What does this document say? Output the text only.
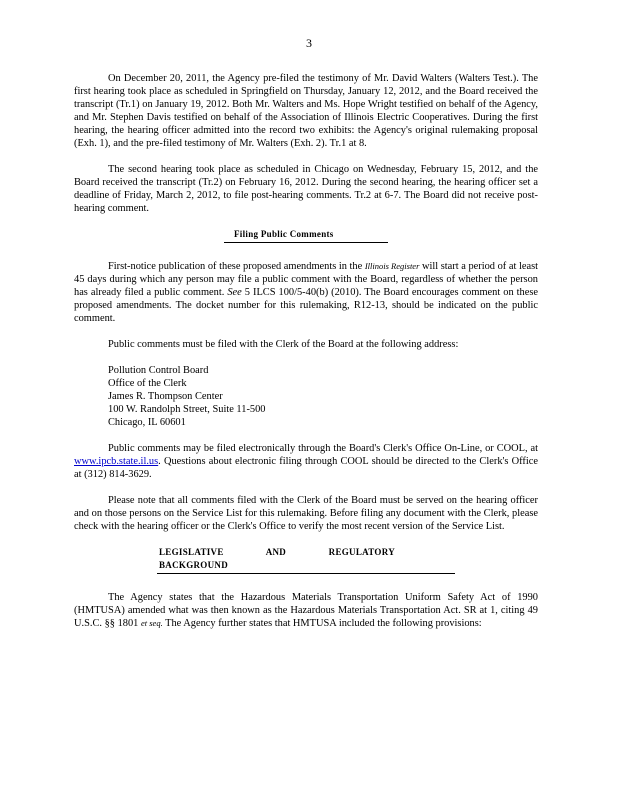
3

On December 20, 2011, the Agency pre-filed the testimony of Mr. David Walters (Walters Test.). The first hearing took place as scheduled in Springfield on Thursday, January 12, 2012, and the Board received the transcript (Tr.1) on January 19, 2012. Both Mr. Walters and Ms. Hope Wright testified on behalf of the Agency, and Mr. Stephen Davis testified on behalf of the Association of Illinois Electric Cooperatives. During the first hearing, the hearing officer admitted into the record two exhibits: the Agency's original rulemaking proposal (Exh. 1), and the pre-filed testimony of Mr. Walters (Exh. 2). Tr.1 at 8.

The second hearing took place as scheduled in Chicago on Wednesday, February 15, 2012, and the Board received the transcript (Tr.2) on February 16, 2012. During the second hearing, the hearing officer set a deadline of Friday, March 2, 2012, to file post-hearing comments. Tr.2 at 6-7. The Board did not receive post-hearing comment.

Filing Public Comments

First-notice publication of these proposed amendments in the Illinois Register will start a period of at least 45 days during which any person may file a public comment with the Board, regardless of whether the person has already filed a public comment. See 5 ILCS 100/5-40(b) (2010). The Board encourages comment on these proposed amendments. The docket number for this rulemaking, R12-13, should be indicated on the public comment.

Public comments must be filed with the Clerk of the Board at the following address:

Pollution Control Board
Office of the Clerk
James R. Thompson Center
100 W. Randolph Street, Suite 11-500
Chicago, IL 60601

Public comments may be filed electronically through the Board's Clerk's Office On-Line, or COOL, at www.ipcb.state.il.us. Questions about electronic filing through COOL should be directed to the Clerk's Office at (312) 814-3629.

Please note that all comments filed with the Clerk of the Board must be served on the hearing officer and on those persons on the Service List for this rulemaking. Before filing any document with the Clerk, please check with the hearing officer or the Clerk's Office to verify the most recent version of the Service List.

LEGISLATIVE AND REGULATORY BACKGROUND

The Agency states that the Hazardous Materials Transportation Uniform Safety Act of 1990 (HMTUSA) amended what was then known as the Hazardous Materials Transportation Act. SR at 1, citing 49 U.S.C. §§ 1801 et seq. The Agency further states that HMTUSA included the following provisions:
